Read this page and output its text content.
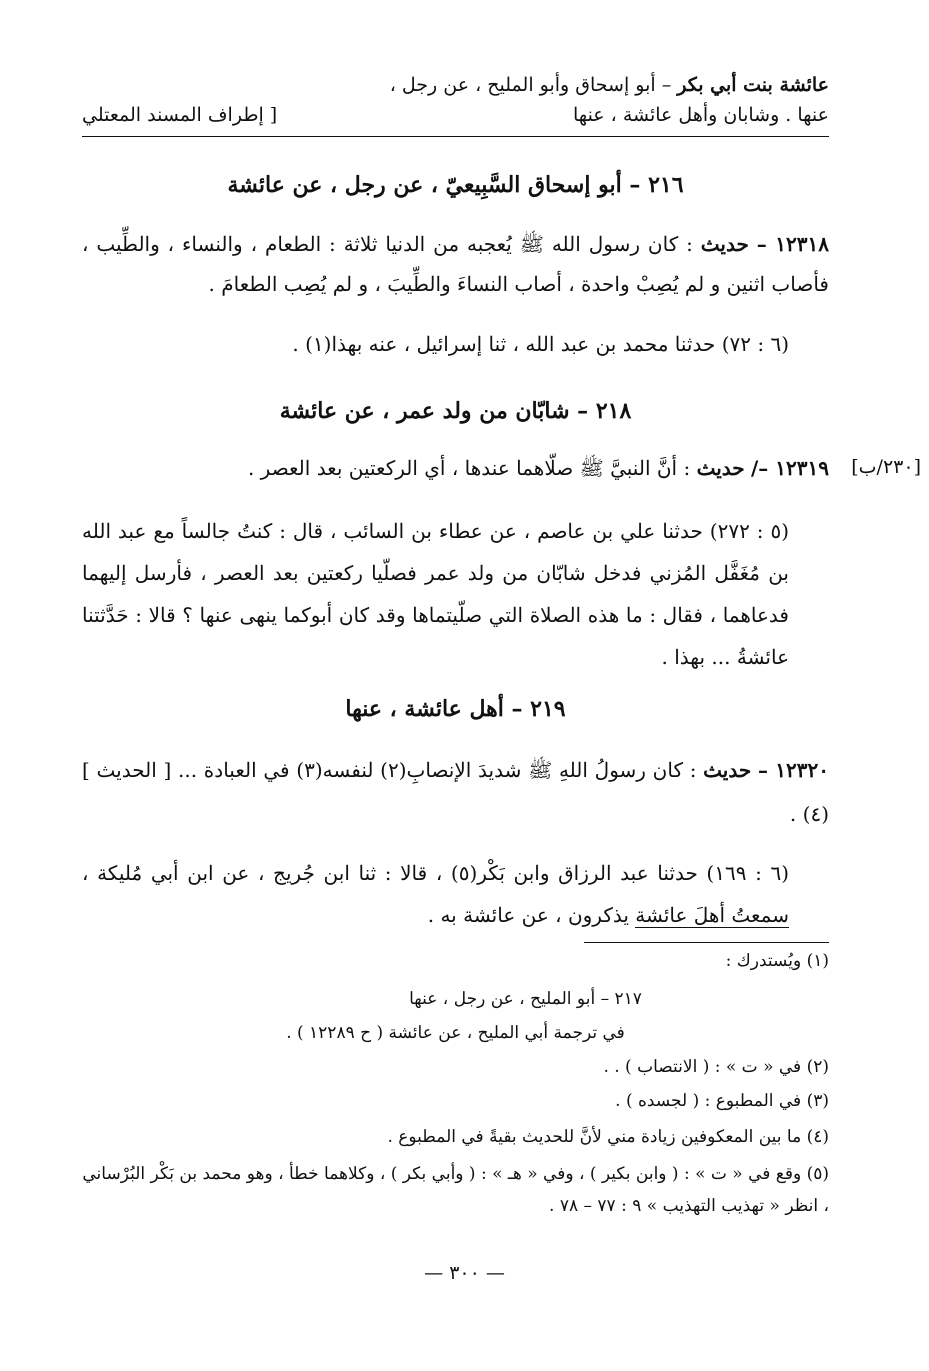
عائشة بنت أبي بكر – أبو إسحاق وأبو المليح ، عن رجل ،
عنها . وشابان وأهل عائشة ، عنها
[ إطراف المسند المعتلي
٢١٦ – أبو إسحاق السَّبِيعيّ ، عن رجل ، عن عائشة
١٢٣١٨ – حديث : كان رسول الله ﷺ يُعجبه من الدنيا ثلاثة : الطعام ، والنساء ، والطِّيب ، فأصاب اثنين و لم يُصِبْ واحدة ، أصاب النساءَ والطِّيبَ ، و لم يُصِب الطعامَ .
(٦ : ٧٢) حدثنا محمد بن عبد الله ، ثنا إسرائيل ، عنه بهذا(١) .
٢١٨ – شابّان من ولد عمر ، عن عائشة
[٢٣٠/ب]
١٢٣١٩ –/ حديث : أنَّ النبيَّ ﷺ صلّاهما عندها ، أي الركعتين بعد العصر .
(٥ : ٢٧٢) حدثنا علي بن عاصم ، عن عطاء بن السائب ، قال : كنتُ جالساً مع عبد الله بن مُغَفَّل المُزني فدخل شابّان من ولد عمر فصلّيا ركعتين بعد العصر ، فأرسل إليهما فدعاهما ، فقال : ما هذه الصلاة التي صلّيتماها وقد كان أبوكما ينهى عنها ؟ قالا : حَدَّثتنا عائشةُ ... بهذا .
٢١٩ – أهل عائشة ، عنها
١٢٣٢٠ – حديث : كان رسولُ اللهِ ﷺ شديدَ الإنصابِ(٢) لنفسه(٣) في العبادة ... [ الحديث ](٤) .
(٦ : ١٦٩) حدثنا عبد الرزاق وابن بَكْر(٥) ، قالا : ثنا ابن جُريج ، عن ابن أبي مُليكة ، سمعتُ أهلَ عائشة يذكرون ، عن عائشة به .
(١) ويُستدرك :
٢١٧ – أبو المليح ، عن رجل ، عنها
في ترجمة أبي المليح ، عن عائشة ( ح ١٢٢٨٩ ) .
(٢) في « ت » : ( الانتصاب ) . .
(٣) في المطبوع : ( لجسده ) .
(٤) ما بين المعكوفين زيادة مني لأنَّ للحديث بقيةً في المطبوع .
(٥) وقع في « ت » : ( وابن بكير ) ، وفي « هـ » : ( وأبي بكر ) ، وكلاهما خطأ ، وهو محمد بن بَكْر البُرْساني ، انظر « تهذيب التهذيب » ٩ : ٧٧ – ٧٨ .
— ٣٠٠ —
